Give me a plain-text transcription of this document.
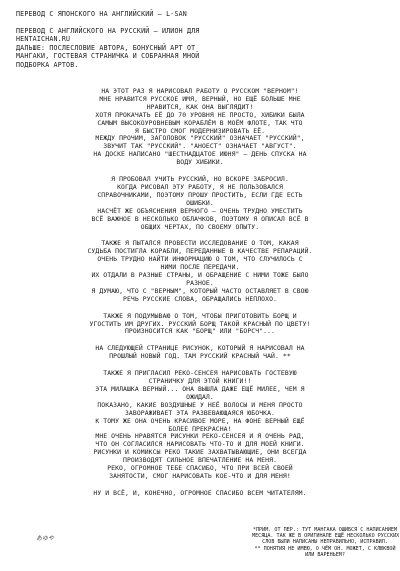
ПЕРЕВОД С ЯПОНСКОГО НА АНГЛИЙСКИЙ – L-SAN
ПЕРЕВОД С АНГЛИЙСКОГО НА РУССКИЙ – ИЛИОН ДЛЯ
HENTAICHAN.RU
ДАЛЬШЕ: ПОСЛЕСЛОВИЕ АВТОРА, БОНУСНЫЙ АРТ ОТ
МАНГАКИ, ГОСТЕВАЯ СТРАНИЧКА И СОБРАННАЯ МНОЙ
ПОДБОРКА АРТОВ.
НА ЭТОТ РАЗ Я НАРИСОВАЛ РАБОТУ О РУССКОМ "ВЕРНОМ"!
МНЕ НРАВИТСЯ РУССКОЕ ИМЯ, ВЕРНЫЙ, НО ЕЩЁ БОЛЬШЕ МНЕ
НРАВИТСЯ, КАК ОНА ВЫГЛЯДИТ!
ХОТЯ ПРОКАЧАТЬ ЕЁ ДО 70 УРОВНЯ НЕ ПРОСТО, ХИБИКИ БЫЛА
САМЫМ ВЫСОКОУРОВНЕВЫМ КОРАБЛЁМ В МОЁМ ФЛОТЕ, ТАК ЧТО
Я БЫСТРО СМОГ МОДЕРНИЗИРОВАТЬ ЕЁ.
МЕЖДУ ПРОЧИМ, ЗАГОЛОВОК "РУССКИЙ" ОЗНАЧАЕТ "РУССКИЙ",
ЗВУЧИТ ТАК "РУССКИЙ". "АНОЕСТ" ОЗНАЧАЕТ "АВГУСТ".
НА ДОСКЕ НАПИСАНО "ШЕСТНАДЦАТОЕ ИЮНЯ" – ДЕНЬ СПУСКА НА
ВОДУ ХИБИКИ.
Я ПРОБОВАЛ УЧИТЬ РУССКИЙ, НО ВСКОРЕ ЗАБРОСИЛ.
КОГДА РИСОВАЛ ЭТУ РАБОТУ, Я НЕ ПОЛЬЗОВАЛСЯ
СПРАВОЧНИКАМИ, ПОЭТОМУ ПРОШУ ПРОСТИТЬ, ЕСЛИ ГДЕ ЕСТЬ
ОШИБКИ.
НАСЧЁТ ЖЕ ОБЪЯСНЕНИЯ ВЕРНОГО – ОЧЕНЬ ТРУДНО УМЕСТИТЬ
ВСЁ ВАЖНОЕ В НЕСКОЛЬКО ОБЛАЧКОВ, ПОЭТОМУ Я ОПИСАЛ ВСЁ В
ОБЩИХ ЧЕРТАХ, ПО СВОЕМУ ОПЫТУ.
ТАКЖЕ Я ПЫТАЛСЯ ПРОВЕСТИ ИССЛЕДОВАНИЕ О ТОМ, КАКАЯ
СУДЬБА ПОСТИГЛА КОРАБЛИ, ПЕРЕДАННЫЕ В КАЧЕСТВЕ РЕПАРАЦИЙ.
ОЧЕНЬ ТРУДНО НАЙТИ ИНФОРМАЦИЮ О ТОМ, ЧТО СЛУЧИЛОСЬ С
НИМИ ПОСЛЕ ПЕРЕДАЧИ.
ИХ ОТДАЛИ В РАЗНЫЕ СТРАНЫ, И ОБРАЩЕНИЕ С НИМИ ТОЖЕ БЫЛО
РАЗНОЕ.
Я ДУМАЮ, ЧТО С "ВЕРНЫМ", КОТОРЫЙ ЧАСТО ОСТАВЛЯЕТ В СВОЮ
РЕЧЬ РУССКИЕ СЛОВА, ОБРАЩАЛИСЬ НЕПЛОХО.
ТАКЖЕ Я ПОДУМЫВАЮ О ТОМ, ЧТОБЫ ПРИГОТОВИТЬ БОРЩ И
УГОСТИТЬ ИМ ДРУГИХ. РУССКИЙ БОРЩ ТАКОЙ КРАСНЫЙ ПО ЦВЕТУ!
ПРОИЗНОСИТСЯ КАК "БОРЩ" ИЛИ "БОРСЧ"...
НА СЛЕДУЮЩЕЙ СТРАНИЦЕ РИСУНОК, КОТОРЫЙ Я НАРИСОВАЛ НА
ПРОШЛЫЙ НОВЫЙ ГОД. ТАМ РУССКИЙ КРАСНЫЙ ЧАЙ. **
ТАКЖЕ Я ПРИГЛАСИЛ РЕКО-СЕНСЕЯ НАРИСОВАТЬ ГОСТЕВУЮ
СТРАНИЧКУ ДЛЯ ЭТОЙ КНИГИ!!
ЭТА МИЛАШКА ВЕРНЫЙ... ОНА ВЫШЛА ДАЖЕ ЕЩЁ МИЛЕЕ, ЧЕМ Я
ОЖИДАЛ.
ПОКАЗАНО, КАКИЕ ВОЗДУШНЫЕ У НЕЁ ВОЛОСЫ И МЕНЯ ПРОСТО
ЗАВОРАЖИВАЕТ ЭТА РАЗВЕВАЮЩАЯСЯ ЮБОЧКА.
К ТОМУ ЖЕ ОНА ОЧЕНЬ КРАСИВОЕ МОРЕ, НА ФОНЕ ВЕРНЫЙ ЕЩЁ
БОЛЕЕ ПРЕКРАСНА!
МНЕ ОЧЕНЬ НРАВЯТСЯ РИСУНКИ РЕКО-СЕНСЕЯ И Я ОЧЕНЬ РАД,
ЧТО ОН СОГЛАСИЛСЯ НАРИСОВАТЬ ЧТО-ТО И ДЛЯ МОЕЙ КНИГИ.
РИСУНКИ И КОМИКСЫ РЕКО ТАКИЕ ЗАХВАТЫВАЮЩИЕ, ОНИ ВСЕГДА
ПРОИЗВОДЯТ СИЛЬНОЕ ВПЕЧАТЛЕНИЕ НА МЕНЯ.
РЕКО, ОГРОМНОЕ ТЕБЕ СПАСИБО, ЧТО ПРИ ВСЕЙ СВОЕЙ
ЗАНЯТОСТИ, СМОГ НАРИСОВАТЬ КОЕ-ЧТО И ДЛЯ МЕНЯ!
НУ И ВСЁ, И, КОНЕЧНО, ОГРОМНОЕ СПАСИБО ВСЕМ ЧИТАТЕЛЯМ.
あゆや
*ПРИМ. ОТ ПЕР.: ТУТ МАНГАКА ОШИБСЯ С НАПИСАНИЕМ
МЕСЯЦА. ТАК ЖЕ В ОРИГИНАЛЕ ЕЩЁ НЕСКОЛЬКО РУССКИХ
СЛОВ БЫЛИ НАПИСАНЫ НЕПРАВИЛЬНО, ИСПРАВИЛ.
** ПОНЯТИЯ НЕ ИМЕЮ, О ЧЁМ ОН. МОЖЕТ, С КЛЮКВОЙ
ИЛИ ВАРЕНЬЕМ?
